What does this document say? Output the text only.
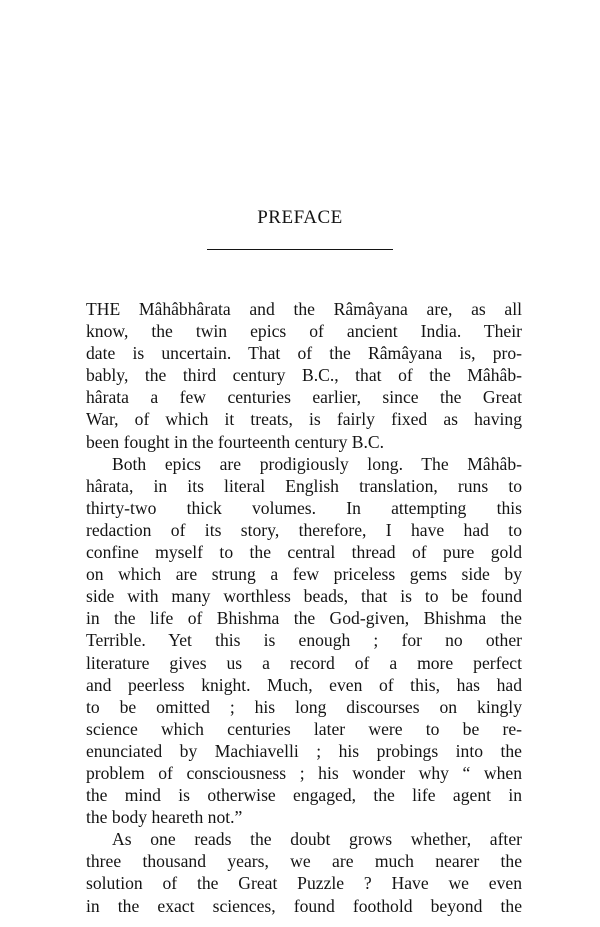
PREFACE

THE Mâhâbhârata and the Râmâyana are, as all
know, the twin epics of ancient India. Their
date is uncertain. That of the Râmâyana is, pro-
bably, the third century B.C., that of the Mâhâb-
hârata a few centuries earlier, since the Great
War, of which it treats, is fairly fixed as having
been fought in the fourteenth century B.C.

Both epics are prodigiously long. The Mâhâb-
hârata, in its literal English translation, runs to
thirty-two thick volumes. In attempting this
redaction of its story, therefore, I have had to
confine myself to the central thread of pure gold
on which are strung a few priceless gems side by
side with many worthless beads, that is to be found
in the life of Bhishma the God-given, Bhishma the
Terrible. Yet this is enough ; for no other
literature gives us a record of a more perfect
and peerless knight. Much, even of this, has had
to be omitted ; his long discourses on kingly
science which centuries later were to be re-
enunciated by Machiavelli ; his probings into the
problem of consciousness ; his wonder why “ when
the mind is otherwise engaged, the life agent in
the body heareth not.”

As one reads the doubt grows whether, after
three thousand years, we are much nearer the
solution of the Great Puzzle ? Have we even
in the exact sciences, found foothold beyond the
